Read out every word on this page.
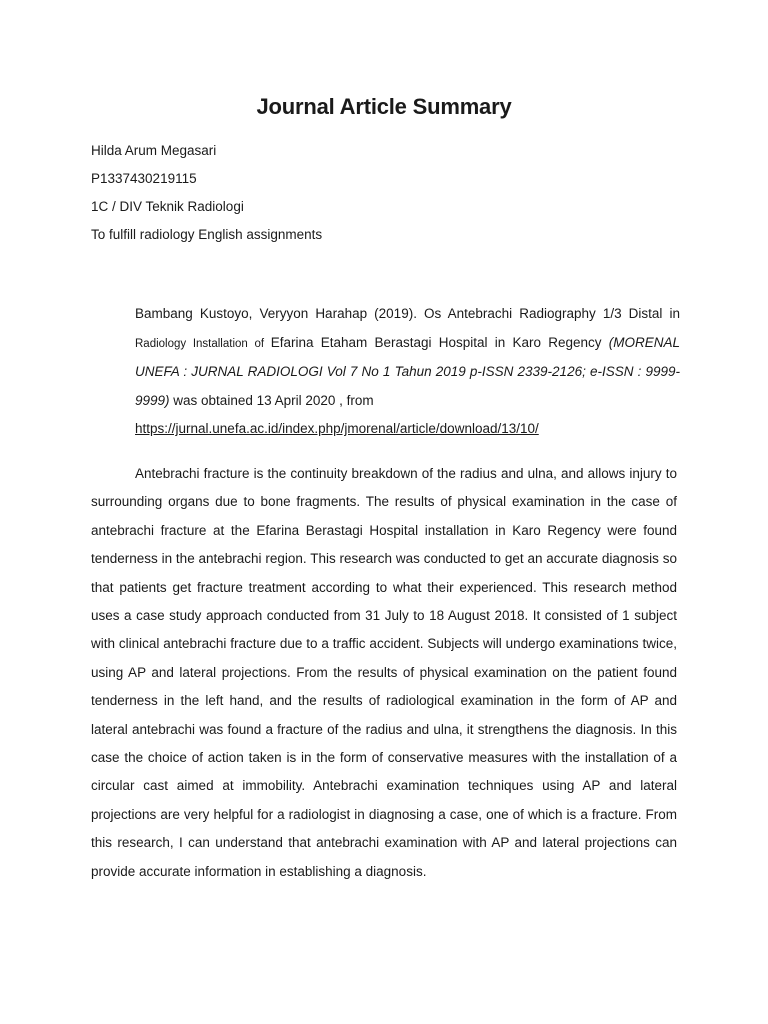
Journal Article Summary
Hilda Arum Megasari
P1337430219115
1C / DIV Teknik Radiologi
To fulfill radiology English assignments
Bambang Kustoyo, Veryyon Harahap (2019). Os Antebrachi Radiography 1/3 Distal in Radiology Installation of Efarina Etaham Berastagi Hospital in Karo Regency (MORENAL UNEFA : JURNAL RADIOLOGI Vol 7 No 1 Tahun 2019 p-ISSN 2339-2126; e-ISSN : 9999-9999) was obtained 13 April 2020 , from
https://jurnal.unefa.ac.id/index.php/jmorenal/article/download/13/10/

Antebrachi fracture is the continuity breakdown of the radius and ulna, and allows injury to surrounding organs due to bone fragments. The results of physical examination in the case of antebrachi fracture at the Efarina Berastagi Hospital installation in Karo Regency were found tenderness in the antebrachi region. This research was conducted to get an accurate diagnosis so that patients get fracture treatment according to what their experienced. This research method uses a case study approach conducted from 31 July to 18 August 2018. It consisted of 1 subject with clinical antebrachi fracture due to a traffic accident. Subjects will undergo examinations twice, using AP and lateral projections. From the results of physical examination on the patient found tenderness in the left hand, and the results of radiological examination in the form of AP and lateral antebrachi was found a fracture of the radius and ulna, it strengthens the diagnosis. In this case the choice of action taken is in the form of conservative measures with the installation of a circular cast aimed at immobility. Antebrachi examination techniques using AP and lateral projections are very helpful for a radiologist in diagnosing a case, one of which is a fracture. From this research, I can understand that antebrachi examination with AP and lateral projections can provide accurate information in establishing a diagnosis.
